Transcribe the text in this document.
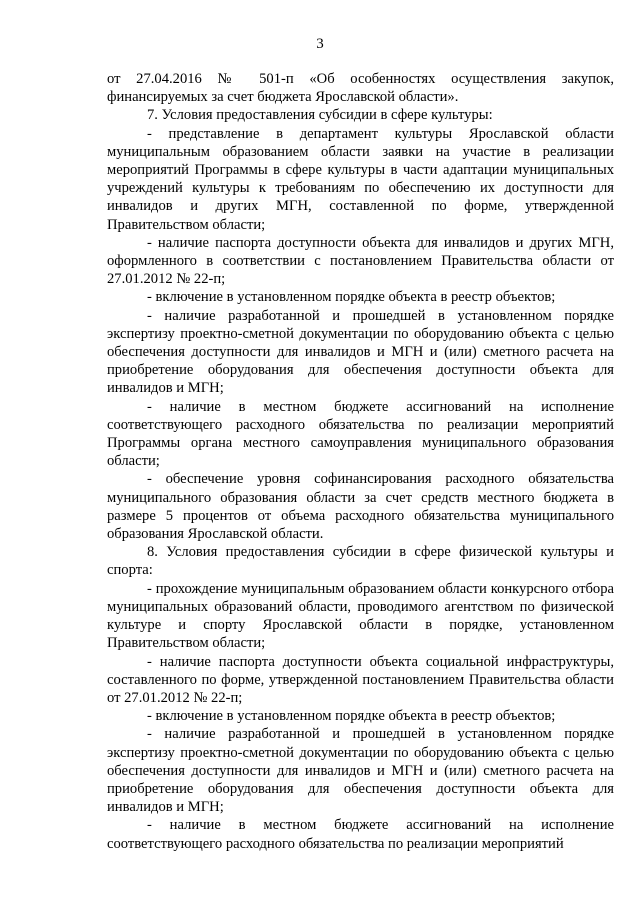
3

от 27.04.2016 № 501-п «Об особенностях осуществления закупок, финансируемых за счет бюджета Ярославской области».

7. Условия предоставления субсидии в сфере культуры:

- представление в департамент культуры Ярославской области муниципальным образованием области заявки на участие в реализации мероприятий Программы в сфере культуры в части адаптации муниципальных учреждений культуры к требованиям по обеспечению их доступности для инвалидов и других МГН, составленной по форме, утвержденной Правительством области;

- наличие паспорта доступности объекта для инвалидов и других МГН, оформленного в соответствии с постановлением Правительства области от 27.01.2012 № 22-п;

- включение в установленном порядке объекта в реестр объектов;

- наличие разработанной и прошедшей в установленном порядке экспертизу проектно-сметной документации по оборудованию объекта с целью обеспечения доступности для инвалидов и МГН и (или) сметного расчета на приобретение оборудования для обеспечения доступности объекта для инвалидов и МГН;

- наличие в местном бюджете ассигнований на исполнение соответствующего расходного обязательства по реализации мероприятий Программы органа местного самоуправления муниципального образования области;

- обеспечение уровня софинансирования расходного обязательства муниципального образования области за счет средств местного бюджета в размере 5 процентов от объема расходного обязательства муниципального образования Ярославской области.

8. Условия предоставления субсидии в сфере физической культуры и спорта:

- прохождение муниципальным образованием области конкурсного отбора муниципальных образований области, проводимого агентством по физической культуре и спорту Ярославской области в порядке, установленном Правительством области;

- наличие паспорта доступности объекта социальной инфраструктуры, составленного по форме, утвержденной постановлением Правительства области от 27.01.2012 № 22-п;

- включение в установленном порядке объекта в реестр объектов;

- наличие разработанной и прошедшей в установленном порядке экспертизу проектно-сметной документации по оборудованию объекта с целью обеспечения доступности для инвалидов и МГН и (или) сметного расчета на приобретение оборудования для обеспечения доступности объекта для инвалидов и МГН;

- наличие в местном бюджете ассигнований на исполнение соответствующего расходного обязательства по реализации мероприятий
